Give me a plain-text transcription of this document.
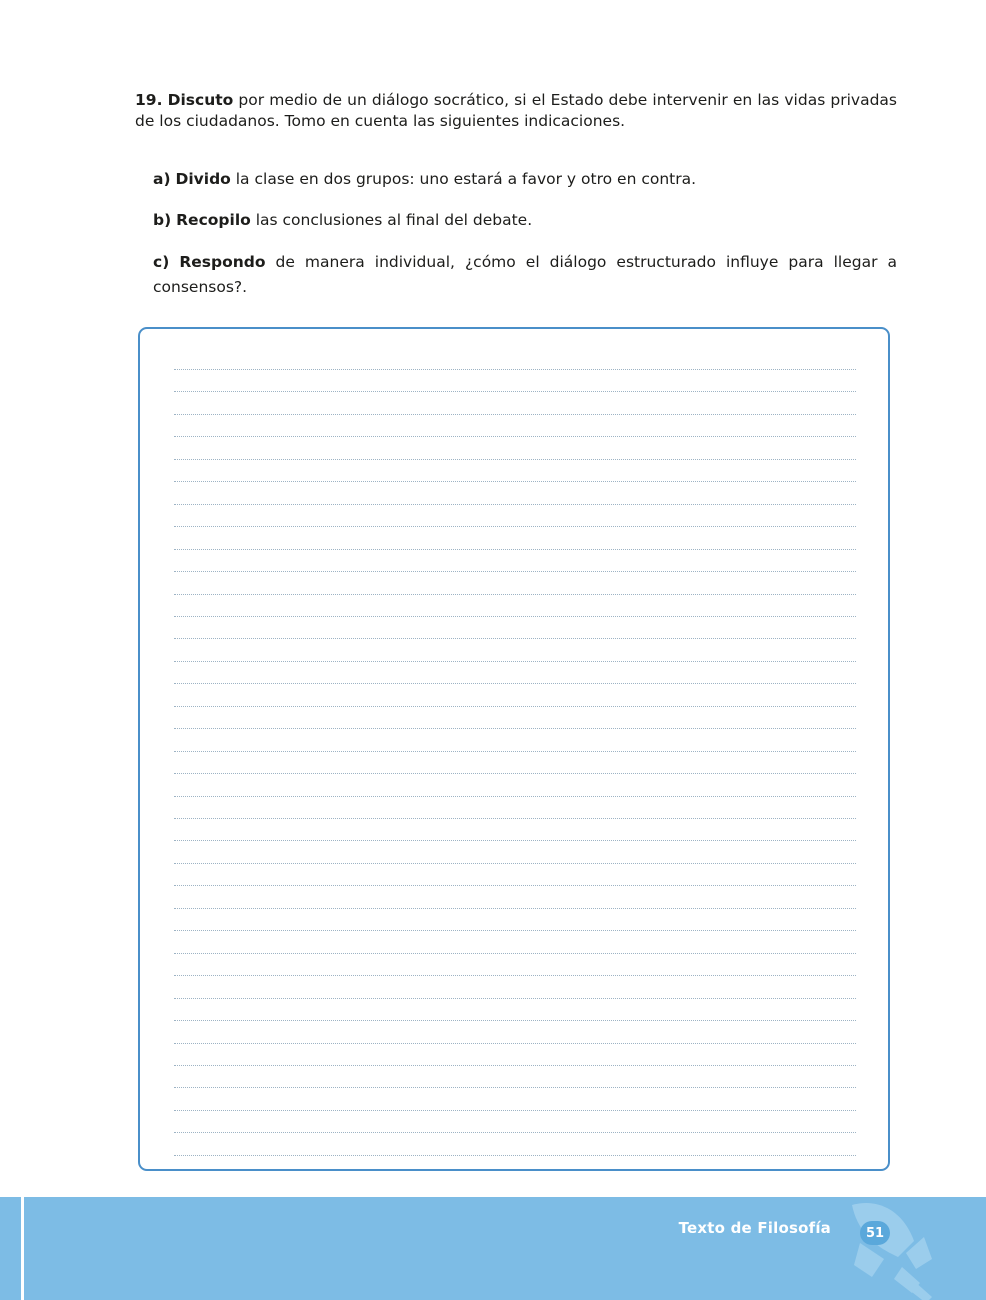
19. Discuto por medio de un diálogo socrático, si el Estado debe intervenir en las vidas privadas de los ciudadanos. Tomo en cuenta las siguientes indicaciones.
a) Divido la clase en dos grupos: uno estará a favor y otro en contra.
b) Recopilo las conclusiones al final del debate.
c) Respondo de manera individual, ¿cómo el diálogo estructurado influye para llegar a consensos?.
Texto de Filosofía	51
